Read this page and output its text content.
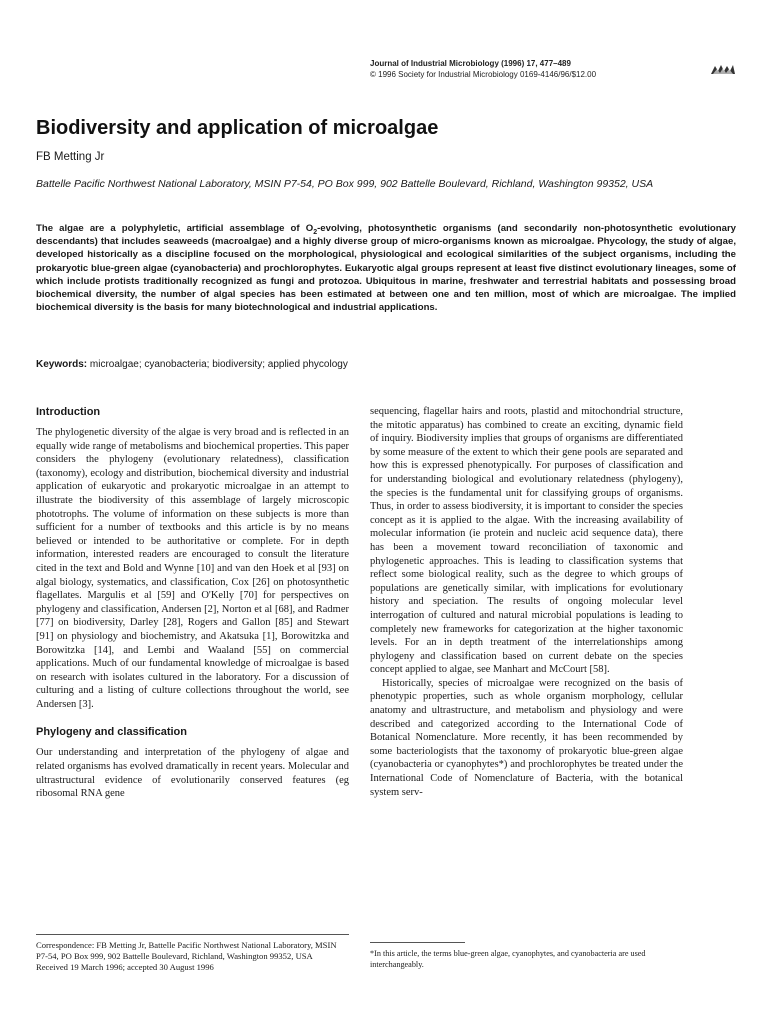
Journal of Industrial Microbiology (1996) 17, 477–489
© 1996 Society for Industrial Microbiology 0169-4146/96/$12.00
Biodiversity and application of microalgae
FB Metting Jr
Battelle Pacific Northwest National Laboratory, MSIN P7-54, PO Box 999, 902 Battelle Boulevard, Richland, Washington 99352, USA
The algae are a polyphyletic, artificial assemblage of $O_2$-evolving, photosynthetic organisms (and secondarily non-photosynthetic evolutionary descendants) that includes seaweeds (macroalgae) and a highly diverse group of micro-organisms known as microalgae. Phycology, the study of algae, developed historically as a discipline focused on the morphological, physiological and ecological similarities of the subject organisms, including the prokaryotic blue-green algae (cyanobacteria) and prochlorophytes. Eukaryotic algal groups represent at least five distinct evolutionary lineages, some of which include protists traditionally recognized as fungi and protozoa. Ubiquitous in marine, freshwater and terrestrial habitats and possessing broad biochemical diversity, the number of algal species has been estimated at between one and ten million, most of which are microalgae. The implied biochemical diversity is the basis for many biotechnological and industrial applications.
Keywords: microalgae; cyanobacteria; biodiversity; applied phycology
Introduction

The phylogenetic diversity of the algae is very broad and is reflected in an equally wide range of metabolisms and biochemical properties. This paper considers the phylogeny (evolutionary relatedness), classification (taxonomy), ecology and distribution, biochemical diversity and industrial application of eukaryotic and prokaryotic microalgae in an attempt to illustrate the biodiversity of this assemblage of largely microscopic phototrophs. The volume of information on these subjects is more than sufficient for a number of textbooks and this article is by no means believed or intended to be authoritative or complete. For in depth information, interested readers are encouraged to consult the literature cited in the text and Bold and Wynne [10] and van den Hoek et al [93] on algal biology, systematics, and classification, Cox [26] on photosynthetic flagellates. Margulis et al [59] and O'Kelly [70] for perspectives on phylogeny and classification, Andersen [2], Norton et al [68], and Radmer [77] on biodiversity, Darley [28], Rogers and Gallon [85] and Stewart [91] on physiology and biochemistry, and Akatsuka [1], Borowitzka and Borowitzka [14], and Lembi and Waaland [55] on commercial applications. Much of our fundamental knowledge of microalgae is based on research with isolates cultured in the laboratory. For a discussion of culturing and a listing of culture collections throughout the world, see Andersen [3].

Phylogeny and classification

Our understanding and interpretation of the phylogeny of algae and related organisms has evolved dramatically in recent years. Molecular and ultrastructural evidence of evolutionarily conserved features (eg ribosomal RNA gene

sequencing, flagellar hairs and roots, plastid and mitochondrial structure, the mitotic apparatus) has combined to create an exciting, dynamic field of inquiry. Biodiversity implies that groups of organisms are differentiated by some measure of the extent to which their gene pools are separated and how this is expressed phenotypically. For purposes of classification and for understanding biological and evolutionary relatedness (phylogeny), the species is the fundamental unit for classifying groups of organisms. Thus, in order to assess biodiversity, it is important to consider the species concept as it is applied to the algae. With the increasing availability of molecular information (ie protein and nucleic acid sequence data), there has been a movement toward reconciliation of taxonomic and phylogenetic approaches. This is leading to classification systems that reflect some biological reality, such as the degree to which groups of populations are genetically similar, with implications for evolutionary history and speciation. The results of ongoing molecular level interrogation of cultured and natural microbial populations is leading to completely new frameworks for categorization at the higher taxonomic levels. For an in depth treatment of the interrelationships among phylogeny and classification based on current debate on the species concept applied to algae, see Manhart and McCourt [58].

Historically, species of microalgae were recognized on the basis of phenotypic properties, such as whole organism morphology, cellular anatomy and ultrastructure, and metabolism and physiology and were described and categorized according to the International Code of Botanical Nomenclature. More recently, it has been recommended by some bacteriologists that the taxonomy of prokaryotic blue-green algae (cyanobacteria or cyanophytes*) and prochlorophytes be treated under the International Code of Nomenclature of Bacteria, with the botanical system serv-

Correspondence: FB Metting Jr, Battelle Pacific Northwest National Laboratory, MSIN P7-54, PO Box 999, 902 Battelle Boulevard, Richland, Washington 99352, USA
Received 19 March 1996; accepted 30 August 1996

*In this article, the terms blue-green algae, cyanophytes, and cyanobacteria are used interchangeably.
